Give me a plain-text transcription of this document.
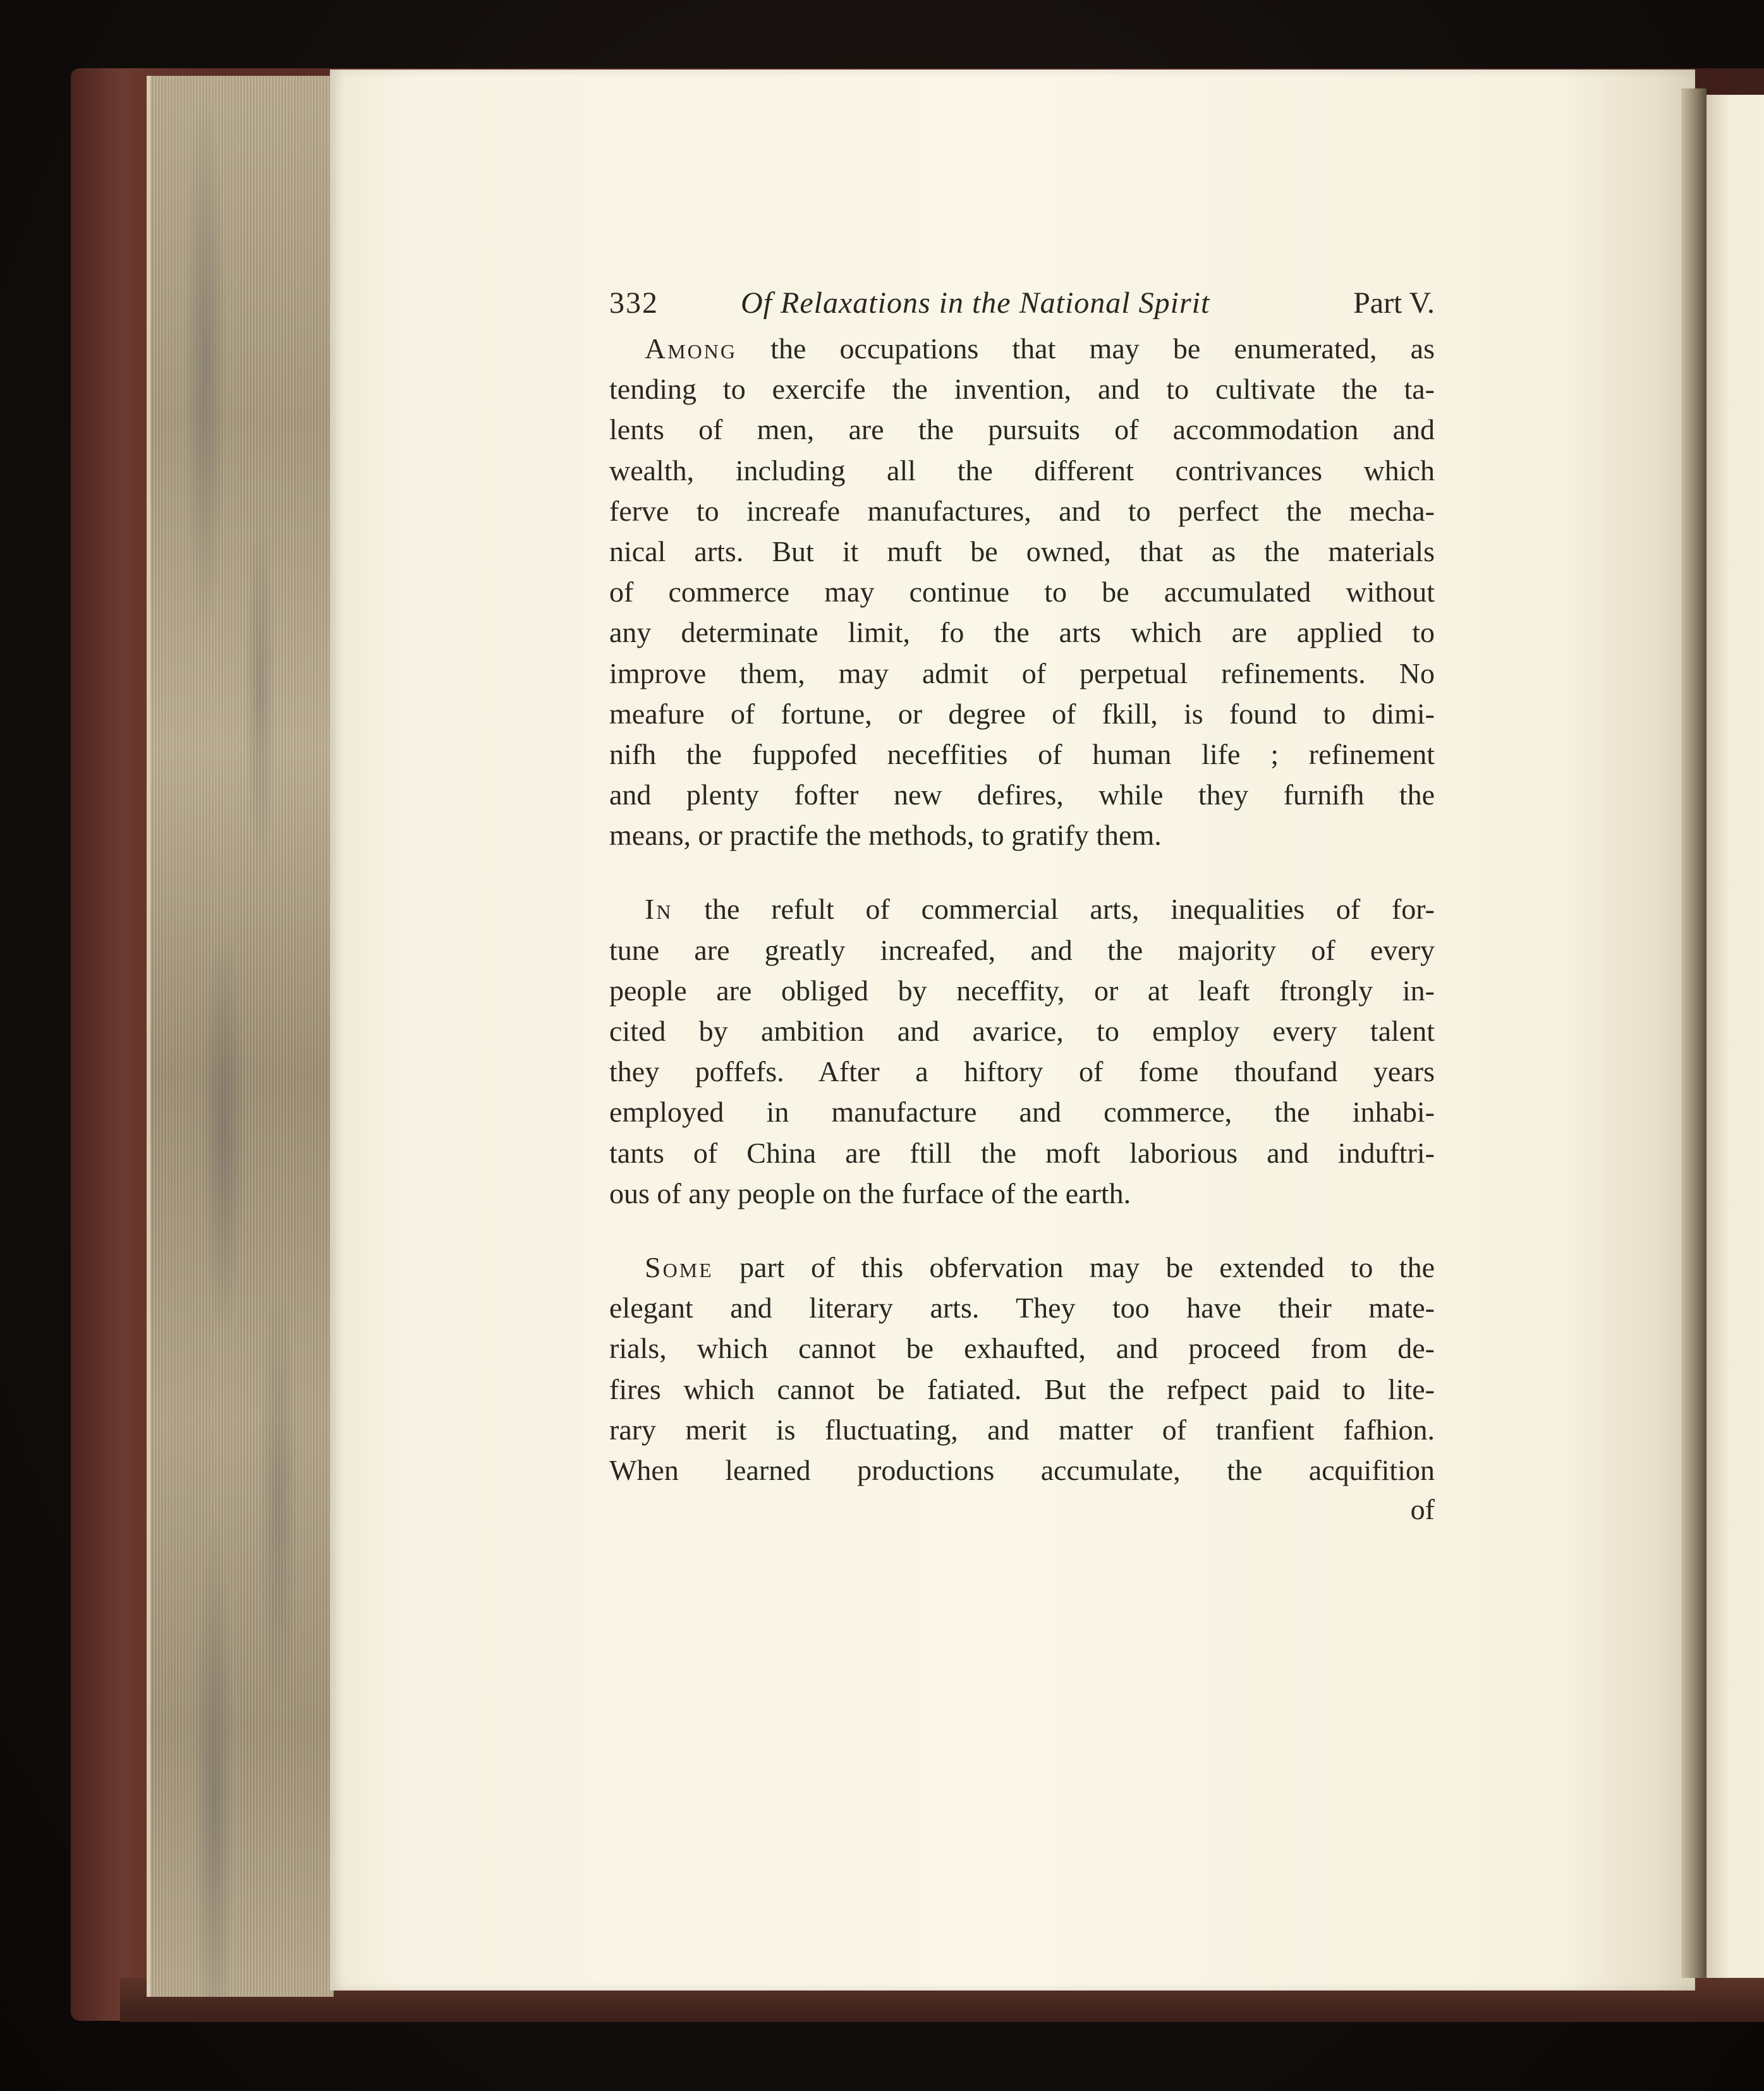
332	Of Relaxations in the National Spirit	Part V.
Among the occupations that may be enumerated, as
tending to exercife the invention, and to cultivate the ta-
lents of men, are the pursuits of accommodation and
wealth, including all the different contrivances which
ferve to increafe manufactures, and to perfect the mecha-
nical arts. But it muft be owned, that as the materials
of commerce may continue to be accumulated without
any determinate limit, fo the arts which are applied to
improve them, may admit of perpetual refinements. No
meafure of fortune, or degree of fkill, is found to dimi-
nifh the fuppofed neceffities of human life ; refinement
and plenty fofter new defires, while they furnifh the
means, or practife the methods, to gratify them.
In the refult of commercial arts, inequalities of for-
tune are greatly increafed, and the majority of every
people are obliged by neceffity, or at leaft ftrongly in-
cited by ambition and avarice, to employ every talent
they poffefs. After a hiftory of fome thoufand years
employed in manufacture and commerce, the inhabi-
tants of China are ftill the moft laborious and induftri-
ous of any people on the furface of the earth.
Some part of this obfervation may be extended to the
elegant and literary arts. They too have their mate-
rials, which cannot be exhaufted, and proceed from de-
fires which cannot be fatiated. But the refpect paid to lite-
rary merit is fluctuating, and matter of tranfient fafhion.
When learned productions accumulate, the acquifition
of
